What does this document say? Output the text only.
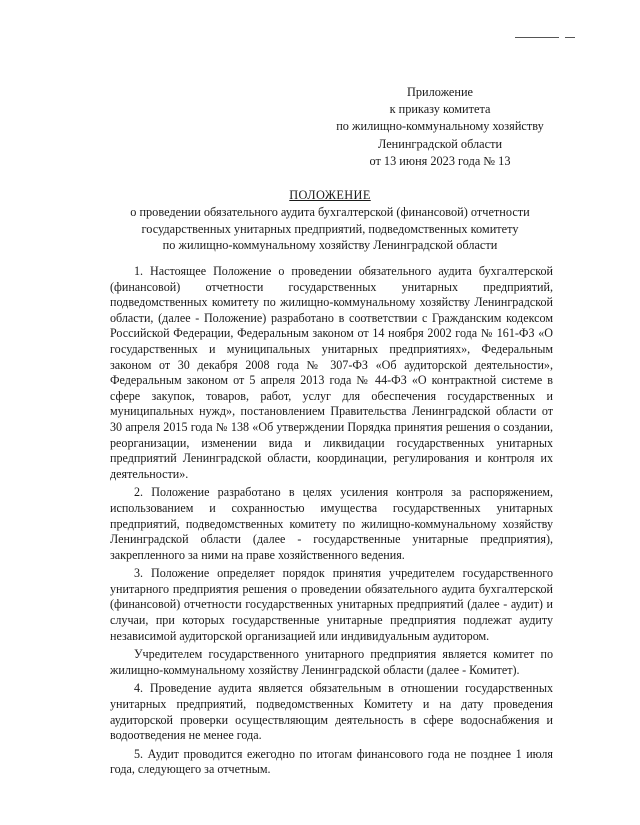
Приложение
к приказу комитета
по жилищно-коммунальному хозяйству
Ленинградской области
от 13 июня 2023 года № 13
ПОЛОЖЕНИЕ
о проведении обязательного аудита бухгалтерской (финансовой) отчетности
государственных унитарных предприятий, подведомственных комитету
по жилищно-коммунальному хозяйству Ленинградской области

1. Настоящее Положение о проведении обязательного аудита бухгалтерской (финансовой) отчетности государственных унитарных предприятий, подведомственных комитету по жилищно-коммунальному хозяйству Ленинградской области, (далее - Положение) разработано в соответствии с Гражданским кодексом Российской Федерации, Федеральным законом от 14 ноября 2002 года № 161-ФЗ «О государственных и муниципальных унитарных предприятиях», Федеральным законом от 30 декабря 2008 года № 307-ФЗ «Об аудиторской деятельности», Федеральным законом от 5 апреля 2013 года № 44-ФЗ «О контрактной системе в сфере закупок, товаров, работ, услуг для обеспечения государственных и муниципальных нужд», постановлением Правительства Ленинградской области от 30 апреля 2015 года № 138 «Об утверждении Порядка принятия решения о создании, реорганизации, изменении вида и ликвидации государственных унитарных предприятий Ленинградской области, координации, регулирования и контроля их деятельности».

2. Положение разработано в целях усиления контроля за распоряжением, использованием и сохранностью имущества государственных унитарных предприятий, подведомственных комитету по жилищно-коммунальному хозяйству Ленинградской области (далее - государственные унитарные предприятия), закрепленного за ними на праве хозяйственного ведения.

3. Положение определяет порядок принятия учредителем государственного унитарного предприятия решения о проведении обязательного аудита бухгалтерской (финансовой) отчетности государственных унитарных предприятий (далее - аудит) и случаи, при которых государственные унитарные предприятия подлежат аудиту независимой аудиторской организацией или индивидуальным аудитором.

Учредителем государственного унитарного предприятия является комитет по жилищно-коммунальному хозяйству Ленинградской области (далее - Комитет).

4. Проведение аудита является обязательным в отношении государственных унитарных предприятий, подведомственных Комитету и на дату проведения аудиторской проверки осуществляющим деятельность в сфере водоснабжения и водоотведения не менее года.

5. Аудит проводится ежегодно по итогам финансового года не позднее 1 июля года, следующего за отчетным.
